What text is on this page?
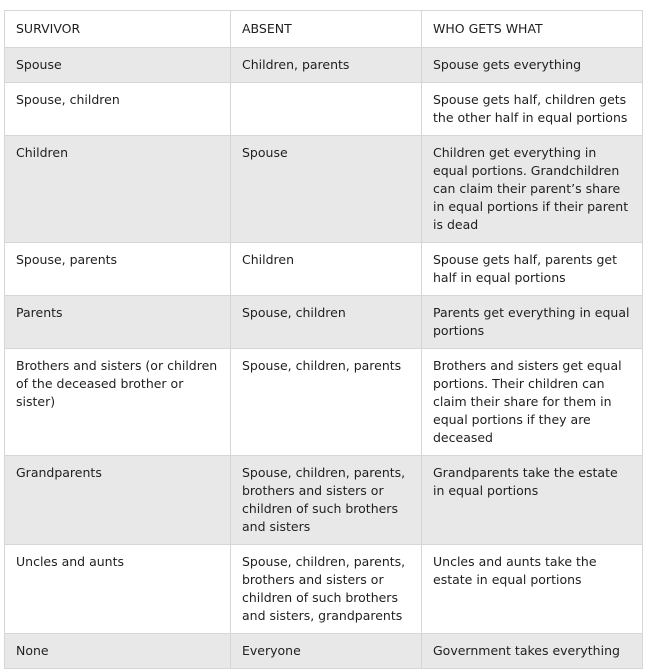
SURVIVOR	ABSENT	WHO GETS WHAT
Spouse	Children, parents	Spouse gets everything
Spouse, children		Spouse gets half, children gets the other half in equal portions
Children	Spouse	Children get everything in equal portions. Grandchildren can claim their parent’s share in equal portions if their parent is dead
Spouse, parents	Children	Spouse gets half, parents get half in equal portions
Parents	Spouse, children	Parents get everything in equal portions
Brothers and sisters (or children of the deceased brother or sister)	Spouse, children, parents	Brothers and sisters get equal portions. Their children can claim their share for them in equal portions if they are deceased
Grandparents	Spouse, children, parents, brothers and sisters or children of such brothers and sisters	Grandparents take the estate in equal portions
Uncles and aunts	Spouse, children, parents, brothers and sisters or children of such brothers and sisters, grandparents	Uncles and aunts take the estate in equal portions
None	Everyone	Government takes everything
